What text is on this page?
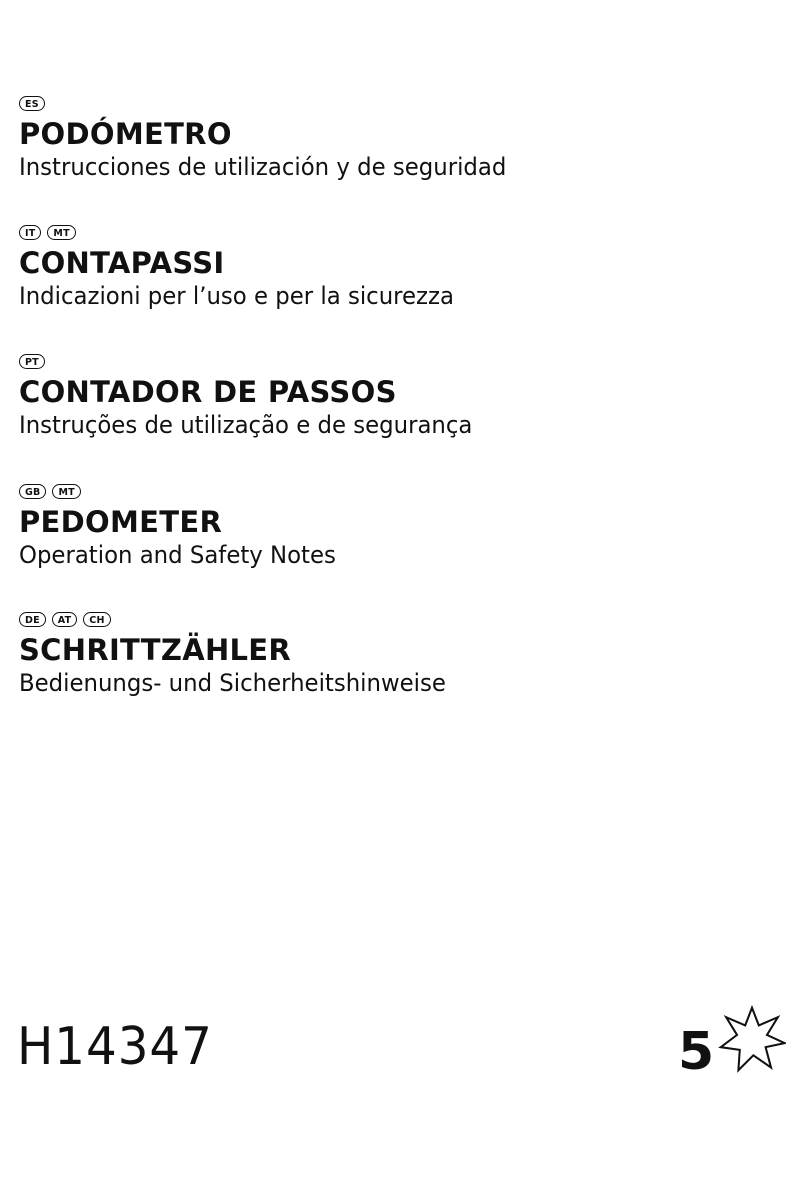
ES
PODÓMETRO
Instrucciones de utilización y de seguridad
IT	MT
CONTAPASSI
Indicazioni per l’uso e per la sicurezza
PT
CONTADOR DE PASSOS
Instruções de utilização e de segurança
GB	MT
PEDOMETER
Operation and Safety Notes
DE	AT	CH
SCHRITTZÄHLER
Bedienungs- und Sicherheitshinweise
H14347	5
